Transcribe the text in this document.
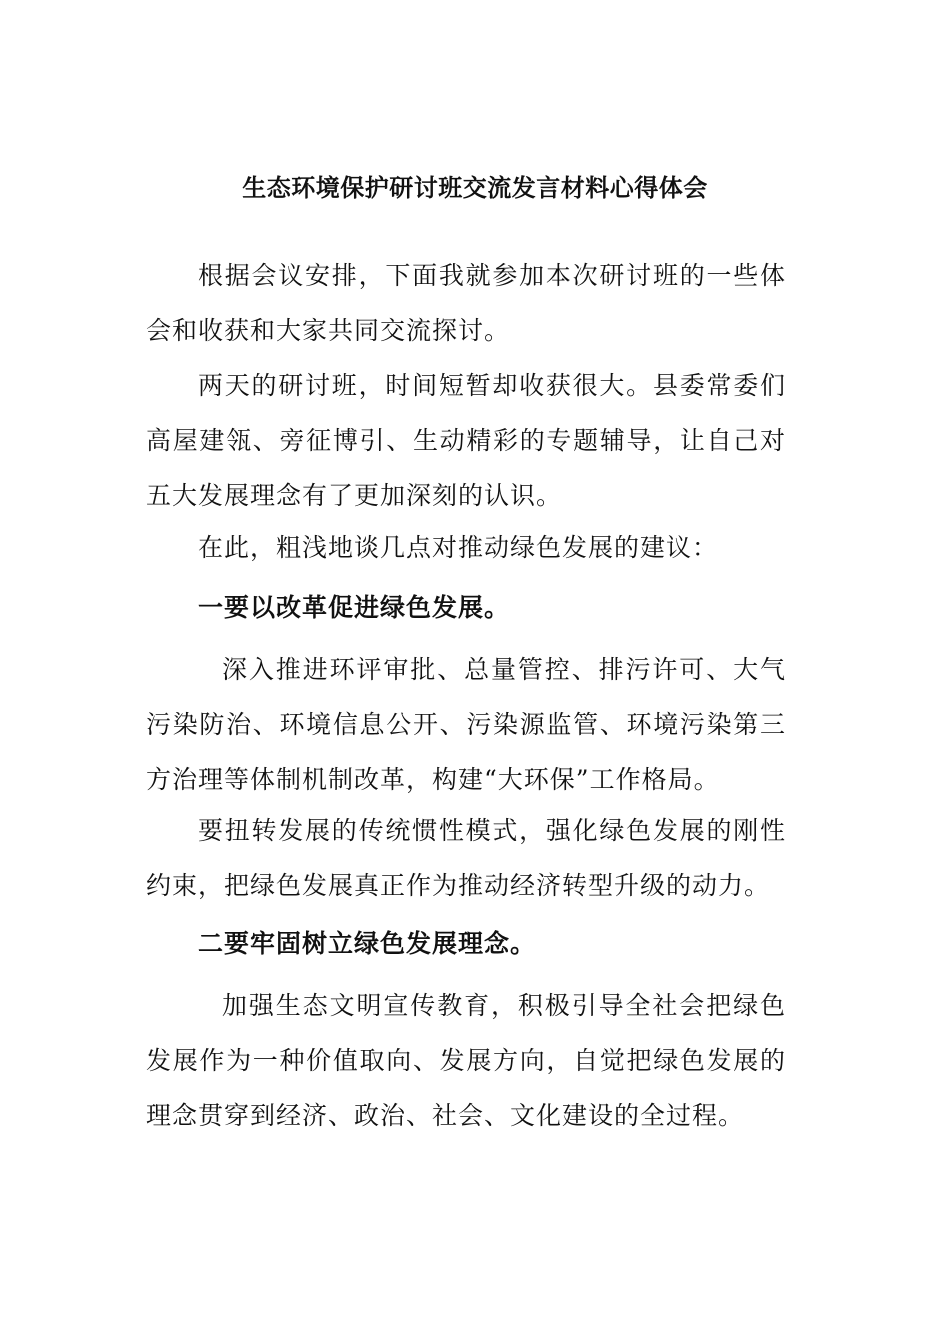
生态环境保护研讨班交流发言材料心得体会

根据会议安排，下面我就参加本次研讨班的一些体会和收获和大家共同交流探讨。

两天的研讨班，时间短暂却收获很大。县委常委们高屋建瓴、旁征博引、生动精彩的专题辅导，让自己对五大发展理念有了更加深刻的认识。

在此，粗浅地谈几点对推动绿色发展的建议：

一要以改革促进绿色发展。

深入推进环评审批、总量管控、排污许可、大气污染防治、环境信息公开、污染源监管、环境污染第三方治理等体制机制改革，构建“大环保”工作格局。

要扭转发展的传统惯性模式，强化绿色发展的刚性约束，把绿色发展真正作为推动经济转型升级的动力。

二要牢固树立绿色发展理念。

加强生态文明宣传教育，积极引导全社会把绿色发展作为一种价值取向、发展方向，自觉把绿色发展的理念贯穿到经济、政治、社会、文化建设的全过程。
